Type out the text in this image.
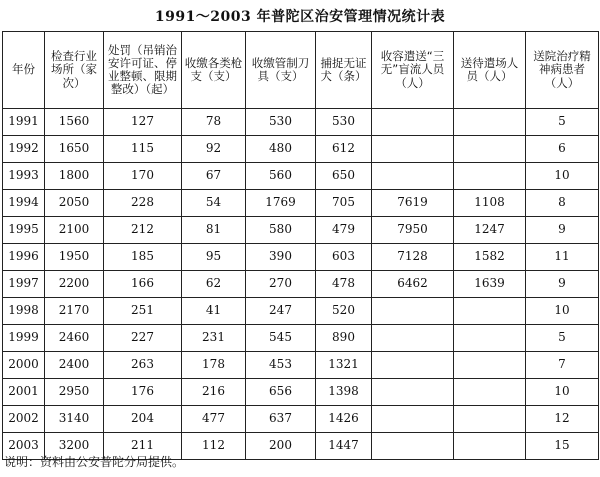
1991～2003 年普陀区治安管理情况统计表
年份	检查行业场所（家次）	处罚（吊销治安许可证、停业整顿、限期整改）（起）	收缴各类枪支（支）	收缴管制刀具（支）	捕捉无证犬（条）	收容遣送“三无”盲流人员（人）	送待遣场人员（人）	送院治疗精神病患者（人）
1991	1560	127	78	530	530			5
1992	1650	115	92	480	612			6
1993	1800	170	67	560	650			10
1994	2050	228	54	1769	705	7619	1108	8
1995	2100	212	81	580	479	7950	1247	9
1996	1950	185	95	390	603	7128	1582	11
1997	2200	166	62	270	478	6462	1639	9
1998	2170	251	41	247	520			10
1999	2460	227	231	545	890			5
2000	2400	263	178	453	1321			7
2001	2950	176	216	656	1398			10
2002	3140	204	477	637	1426			12
2003	3200	211	112	200	1447			15
说明：资料由公安普陀分局提供。
